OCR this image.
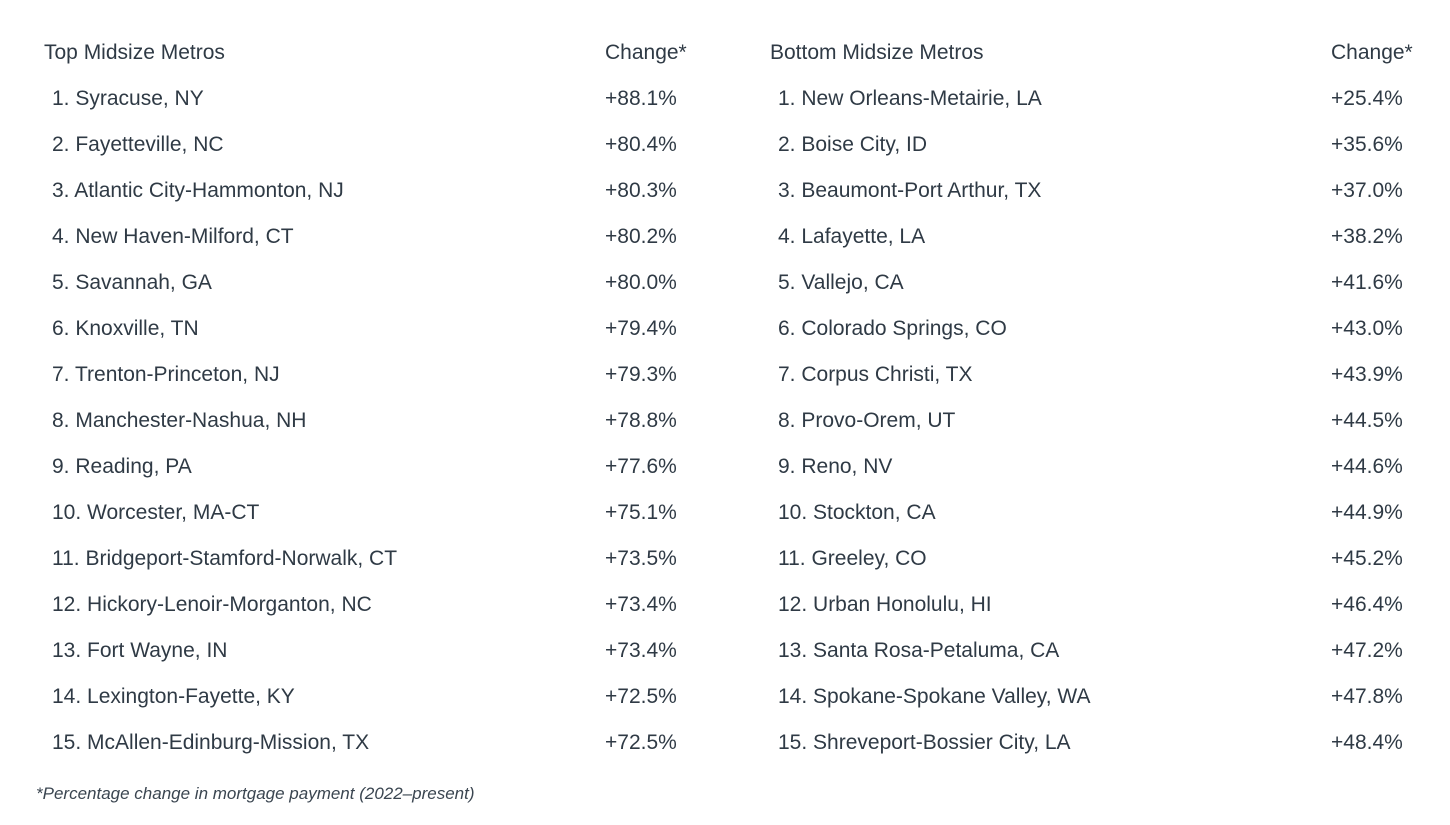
Top Midsize Metros	Change*
1. Syracuse, NY	+88.1%
2. Fayetteville, NC	+80.4%
3. Atlantic City-Hammonton, NJ	+80.3%
4. New Haven-Milford, CT	+80.2%
5. Savannah, GA	+80.0%
6. Knoxville, TN	+79.4%
7. Trenton-Princeton, NJ	+79.3%
8. Manchester-Nashua, NH	+78.8%
9. Reading, PA	+77.6%
10. Worcester, MA-CT	+75.1%
11. Bridgeport-Stamford-Norwalk, CT	+73.5%
12. Hickory-Lenoir-Morganton, NC	+73.4%
13. Fort Wayne, IN	+73.4%
14. Lexington-Fayette, KY	+72.5%
15. McAllen-Edinburg-Mission, TX	+72.5%
Bottom Midsize Metros	Change*
1. New Orleans-Metairie, LA	+25.4%
2. Boise City, ID	+35.6%
3. Beaumont-Port Arthur, TX	+37.0%
4. Lafayette, LA	+38.2%
5. Vallejo, CA	+41.6%
6. Colorado Springs, CO	+43.0%
7. Corpus Christi, TX	+43.9%
8. Provo-Orem, UT	+44.5%
9. Reno, NV	+44.6%
10. Stockton, CA	+44.9%
11. Greeley, CO	+45.2%
12. Urban Honolulu, HI	+46.4%
13. Santa Rosa-Petaluma, CA	+47.2%
14. Spokane-Spokane Valley, WA	+47.8%
15. Shreveport-Bossier City, LA	+48.4%
*Percentage change in mortgage payment (2022–present)
